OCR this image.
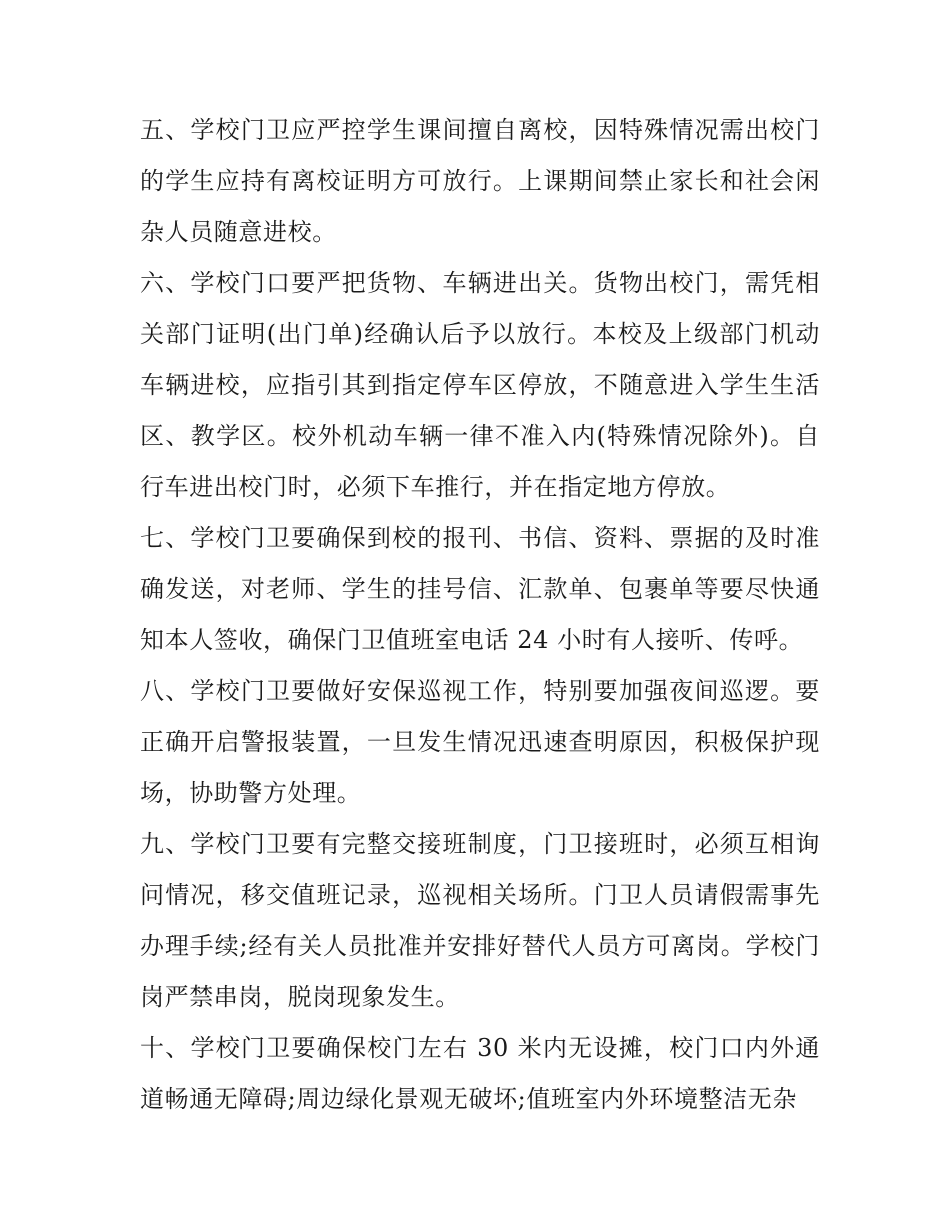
五、学校门卫应严控学生课间擅自离校，因特殊情况需出校门的学生应持有离校证明方可放行。上课期间禁止家长和社会闲杂人员随意进校。

六、学校门口要严把货物、车辆进出关。货物出校门，需凭相关部门证明(出门单)经确认后予以放行。本校及上级部门机动车辆进校，应指引其到指定停车区停放，不随意进入学生生活区、教学区。校外机动车辆一律不准入内(特殊情况除外)。自行车进出校门时，必须下车推行，并在指定地方停放。

七、学校门卫要确保到校的报刊、书信、资料、票据的及时准确发送，对老师、学生的挂号信、汇款单、包裹单等要尽快通知本人签收，确保门卫值班室电话 24 小时有人接听、传呼。

八、学校门卫要做好安保巡视工作，特别要加强夜间巡逻。要正确开启警报装置，一旦发生情况迅速查明原因，积极保护现场，协助警方处理。

九、学校门卫要有完整交接班制度，门卫接班时，必须互相询问情况，移交值班记录，巡视相关场所。门卫人员请假需事先办理手续;经有关人员批准并安排好替代人员方可离岗。学校门岗严禁串岗，脱岗现象发生。

十、学校门卫要确保校门左右 30 米内无设摊，校门口内外通道畅通无障碍;周边绿化景观无破坏;值班室内外环境整洁无杂
